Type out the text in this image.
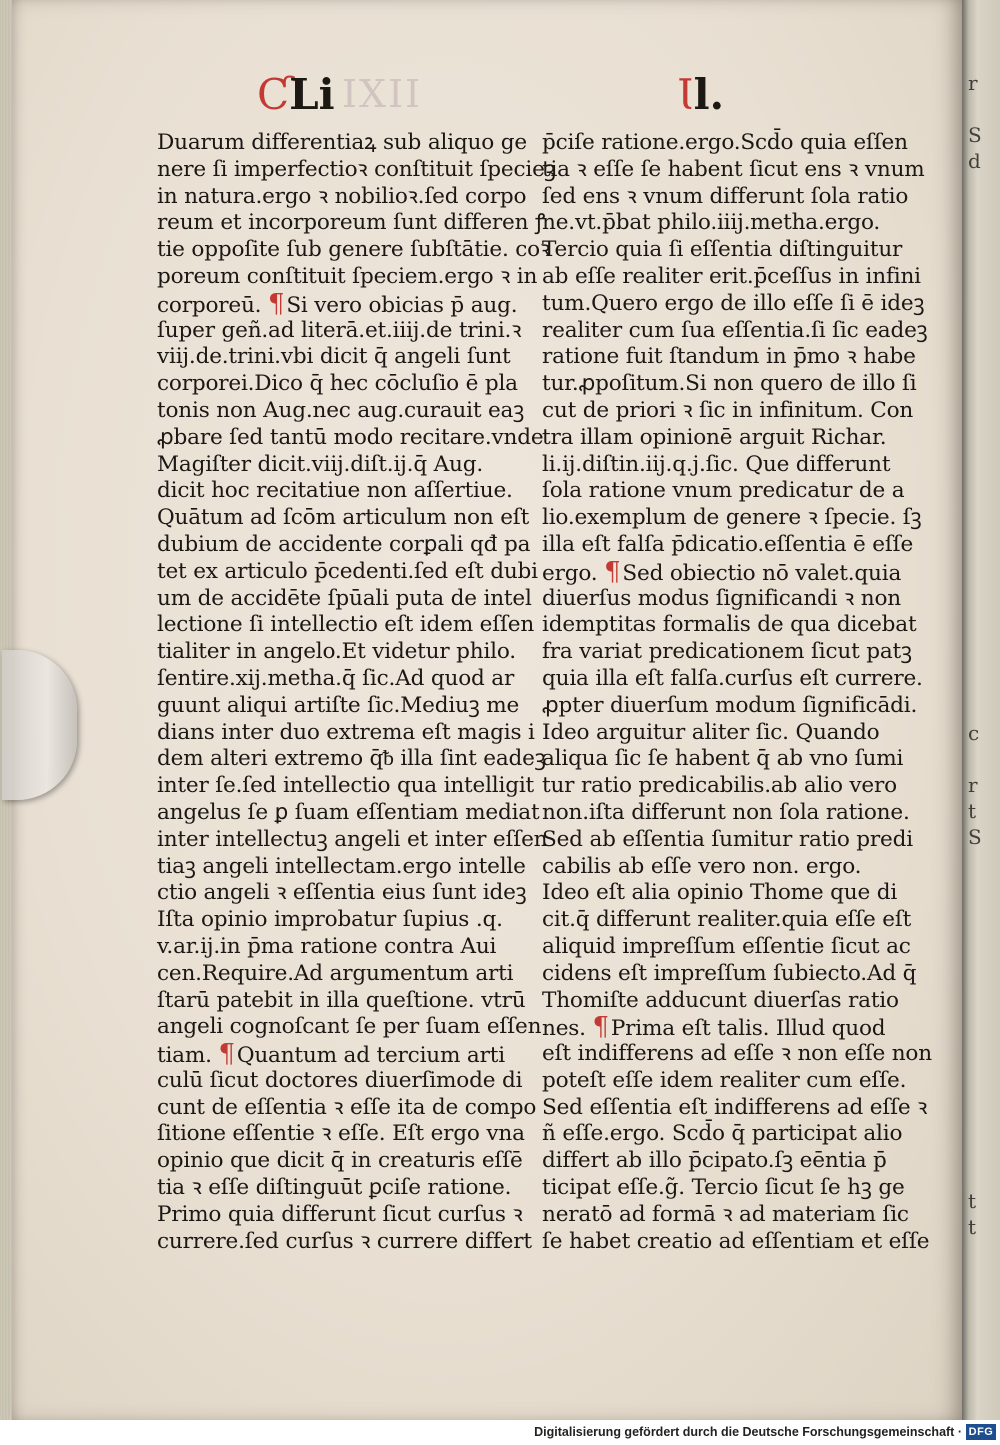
IXII
ƇLi	Ɩl.
Duarum differentiaꝝ sub aliquo ge
nere ſi imperfectioꝛ conſtituit ſpecieꝫ
in natura.ergo ꝛ nobilioꝛ.ſed corpo
reum et incorporeum ſunt differen ꝭ
tie oppoſite ſub genere ſubſtātie. coꝛ
poreum conſtituit ſpeciem.ergo ꝛ in
corporeū. ¶Si vero obicias p̄ aug.
ſuper geñ.ad literā.et.iiij.de trini.ꝛ
viij.de.trini.vbi dicit q̄ angeli ſunt
corporei.Dico q̄ hec cōcluſio ē pla
tonis non Aug.nec aug.curauit eaꝫ
ꝓbare ſed tantū modo recitare.vnde
Magiſter dicit.viij.diſt.ij.q̄ Aug.
dicit hoc recitatiue non aſſertiue.
Quātum ad ſcōm articulum non eſt
dubium de accidente corꝑali qđ pa
tet ex articulo p̄cedenti.ſed eſt dubi
um de accidēte ſpūali puta de intel
lectione ſi intellectio eſt idem eſſen
tialiter in angelo.Et videtur philo.
ſentire.xij.metha.q̄ ſic.Ad quod ar
guunt aliqui artiſte ſic.Mediuꝫ me
dians inter duo extrema eſt magis i
dem alteri extremo q̄ᵬ illa ſint eadeꝫ
inter ſe.ſed intellectio qua intelligit
angelus ſe ꝑ ſuam eſſentiam mediat
inter intellectuꝫ angeli et inter eſſen
tiaꝫ angeli intellectam.ergo intelle
ctio angeli ꝛ eſſentia eius ſunt ideꝫ
Iſta opinio improbatur ſupius .q.
v.ar.ij.in p̄ma ratione contra Aui
cen.Require.Ad argumentum arti
ſtarū patebit in illa queſtione. vtrū
angeli cognoſcant ſe per ſuam eſſen
tiam. ¶Quantum ad tercium arti
culū ſicut doctores diuerſimode di
cunt de eſſentia ꝛ eſſe ita de compo
ſitione eſſentie ꝛ eſſe. Eſt ergo vna
opinio que dicit q̄ in creaturis eſſē
tia ꝛ eſſe diſtinguūt ꝑciſe ratione.
Primo quia differunt ſicut curſus ꝛ
currere.ſed curſus ꝛ currere differt
p̄ciſe ratione.ergo.Scd̄o quia eſſen
tia ꝛ eſſe ſe habent ſicut ens ꝛ vnum
ſed ens ꝛ vnum differunt ſola ratio
ne.vt.p̄bat philo.iiij.metha.ergo.
Tercio quia ſi eſſentia diſtinguitur
ab eſſe realiter erit.p̄ceſſus in infini
tum.Quero ergo de illo eſſe ſi ē ideꝫ
realiter cum ſua eſſentia.ſi ſic eadeꝫ
ratione fuit ſtandum in p̄mo ꝛ habe
tur.ꝓpoſitum.Si non quero de illo ſi
cut de priori ꝛ ſic in infinitum. Con
tra illam opinionē arguit Richar.
li.ij.diſtin.iij.q.j.ſic. Que differunt
ſola ratione vnum predicatur de a
lio.exemplum de genere ꝛ ſpecie. ſꝫ
illa eſt falſa p̄dicatio.eſſentia ē eſſe
ergo. ¶Sed obiectio nō valet.quia
diuerſus modus ſignificandi ꝛ non
idemptitas formalis de qua dicebat
fra variat predicationem ſicut patꝫ
quia illa eſt falſa.curſus eſt currere.
ꝓpter diuerſum modum ſignificādi.
Ideo arguitur aliter ſic. Quando
aliqua ſic ſe habent q̄ ab vno ſumi
tur ratio predicabilis.ab alio vero
non.iſta differunt non ſola ratione.
Sed ab eſſentia ſumitur ratio predi
cabilis ab eſſe vero non. ergo.
Ideo eſt alia opinio Thome que di
cit.q̄ differunt realiter.quia eſſe eſt
aliquid impreſſum eſſentie ſicut ac
cidens eſt impreſſum ſubiecto.Ad q̄
Thomiſte adducunt diuerſas ratio
nes. ¶Prima eſt talis. Illud quod
eſt indifferens ad eſſe ꝛ non eſſe non
poteſt eſſe idem realiter cum eſſe.
Sed eſſentia eſt indifferens ad eſſe ꝛ
ñ eſſe.ergo. Scd̄o q̄ participat alio
differt ab illo p̄cipato.ſꝫ eēntia p̄
ticipat eſſe.g̃. Tercio ſicut ſe hꝫ ge
neratō ad formā ꝛ ad materiam ſic
ſe habet creatio ad eſſentiam et eſſe
r

S
d

c

r
t
S

t
t
Digitalisierung gefördert durch die Deutsche Forschungsgemeinschaft · DFG
